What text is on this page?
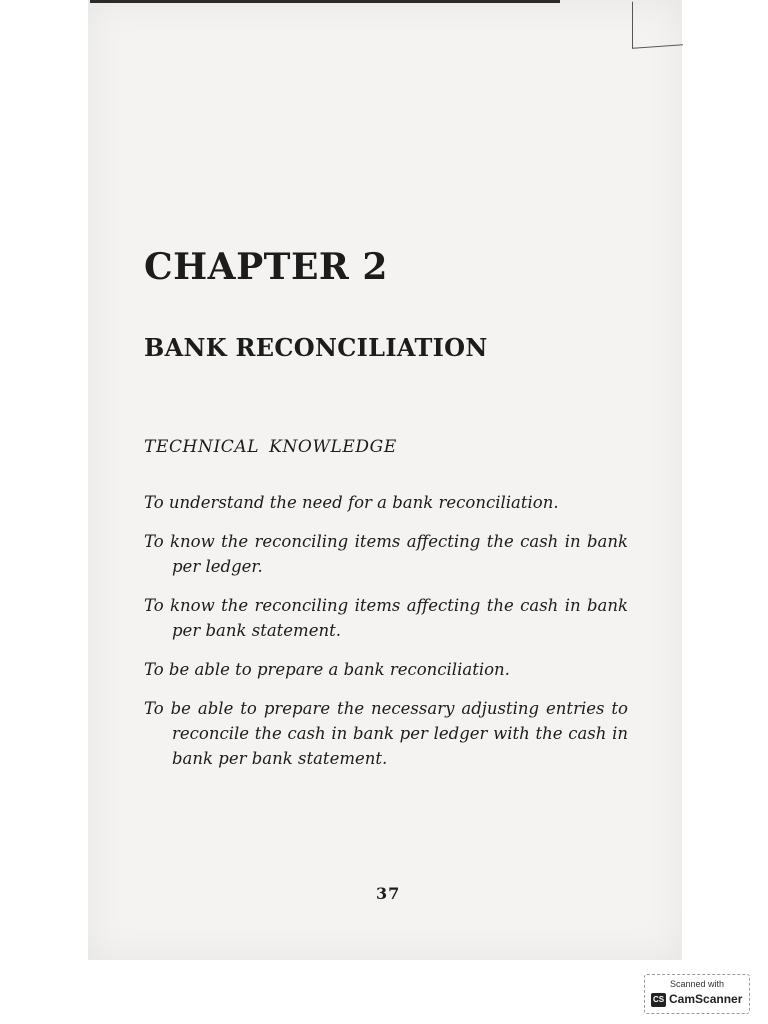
CHAPTER 2
BANK RECONCILIATION
TECHNICAL KNOWLEDGE
To understand the need for a bank reconciliation.
To know the reconciling items affecting the cash in bank per ledger.
To know the reconciling items affecting the cash in bank per bank statement.
To be able to prepare a bank reconciliation.
To be able to prepare the necessary adjusting entries to reconcile the cash in bank per ledger with the cash in bank per bank statement.
37
Scanned with
CS CamScanner
